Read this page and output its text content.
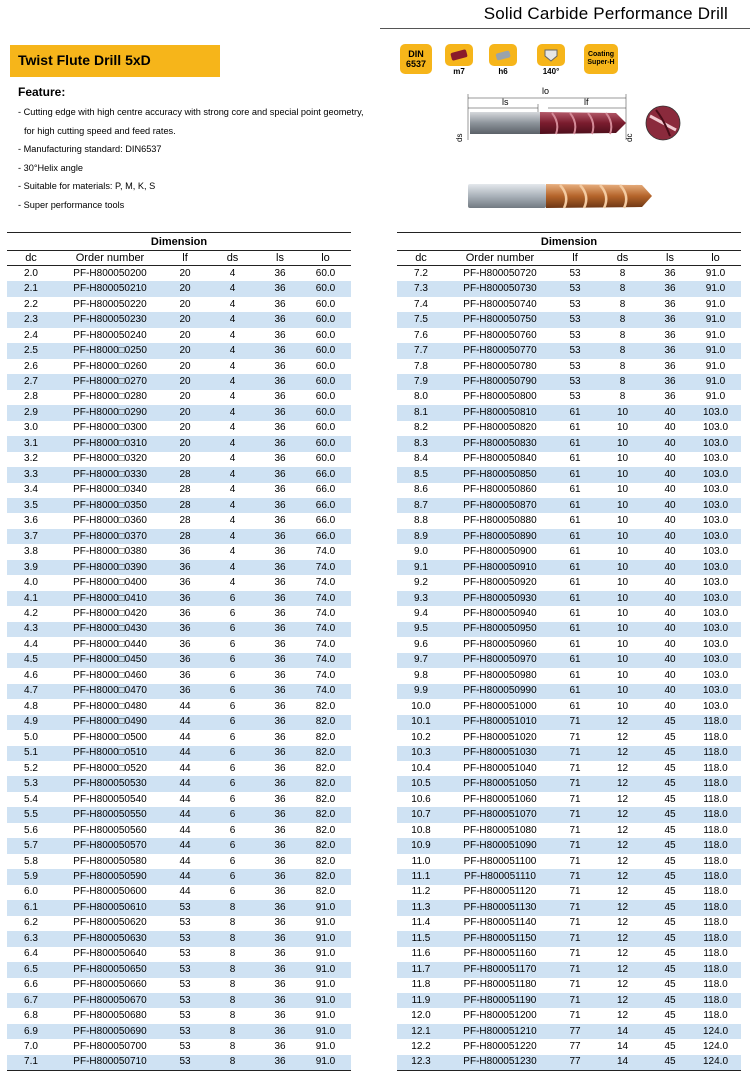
Solid Carbide Performance Drill
Twist Flute Drill 5xD	DIN
6537
m7	h6	140°
Coating
Super-H
Feature:
- Cutting edge with high centre accuracy with strong core and special point geometry,
for high cutting speed and feed rates.
- Manufacturing standard: DIN6537
- 30°Helix angle
- Suitable for materials: P, M, K, S
- Super performance tools
ls
lo
lf
ds	dc
Dimension					
dc	Order number	lf	ds	ls	lo
2.0	PF-H800050200	20	4	36	60.0
2.1	PF-H800050210	20	4	36	60.0
2.2	PF-H800050220	20	4	36	60.0
2.3	PF-H800050230	20	4	36	60.0
2.4	PF-H800050240	20	4	36	60.0
2.5	PF-H8000□0250	20	4	36	60.0
2.6	PF-H8000□0260	20	4	36	60.0
2.7	PF-H8000□0270	20	4	36	60.0
2.8	PF-H8000□0280	20	4	36	60.0
2.9	PF-H8000□0290	20	4	36	60.0
3.0	PF-H8000□0300	20	4	36	60.0
3.1	PF-H8000□0310	20	4	36	60.0
3.2	PF-H8000□0320	20	4	36	60.0
3.3	PF-H8000□0330	28	4	36	66.0
3.4	PF-H8000□0340	28	4	36	66.0
3.5	PF-H8000□0350	28	4	36	66.0
3.6	PF-H8000□0360	28	4	36	66.0
3.7	PF-H8000□0370	28	4	36	66.0
3.8	PF-H8000□0380	36	4	36	74.0
3.9	PF-H8000□0390	36	4	36	74.0
4.0	PF-H8000□0400	36	4	36	74.0
4.1	PF-H8000□0410	36	6	36	74.0
4.2	PF-H8000□0420	36	6	36	74.0
4.3	PF-H8000□0430	36	6	36	74.0
4.4	PF-H8000□0440	36	6	36	74.0
4.5	PF-H8000□0450	36	6	36	74.0
4.6	PF-H8000□0460	36	6	36	74.0
4.7	PF-H8000□0470	36	6	36	74.0
4.8	PF-H8000□0480	44	6	36	82.0
4.9	PF-H8000□0490	44	6	36	82.0
5.0	PF-H8000□0500	44	6	36	82.0
5.1	PF-H8000□0510	44	6	36	82.0
5.2	PF-H8000□0520	44	6	36	82.0
5.3	PF-H800050530	44	6	36	82.0
5.4	PF-H800050540	44	6	36	82.0
5.5	PF-H800050550	44	6	36	82.0
5.6	PF-H800050560	44	6	36	82.0
5.7	PF-H800050570	44	6	36	82.0
5.8	PF-H800050580	44	6	36	82.0
5.9	PF-H800050590	44	6	36	82.0
6.0	PF-H800050600	44	6	36	82.0
6.1	PF-H800050610	53	8	36	91.0
6.2	PF-H800050620	53	8	36	91.0
6.3	PF-H800050630	53	8	36	91.0
6.4	PF-H800050640	53	8	36	91.0
6.5	PF-H800050650	53	8	36	91.0
6.6	PF-H800050660	53	8	36	91.0
6.7	PF-H800050670	53	8	36	91.0
6.8	PF-H800050680	53	8	36	91.0
6.9	PF-H800050690	53	8	36	91.0
7.0	PF-H800050700	53	8	36	91.0
7.1	PF-H800050710	53	8	36	91.0
Dimension					
dc	Order number	lf	ds	ls	lo
7.2	PF-H800050720	53	8	36	91.0
7.3	PF-H800050730	53	8	36	91.0
7.4	PF-H800050740	53	8	36	91.0
7.5	PF-H800050750	53	8	36	91.0
7.6	PF-H800050760	53	8	36	91.0
7.7	PF-H800050770	53	8	36	91.0
7.8	PF-H800050780	53	8	36	91.0
7.9	PF-H800050790	53	8	36	91.0
8.0	PF-H800050800	53	8	36	91.0
8.1	PF-H800050810	61	10	40	103.0
8.2	PF-H800050820	61	10	40	103.0
8.3	PF-H800050830	61	10	40	103.0
8.4	PF-H800050840	61	10	40	103.0
8.5	PF-H800050850	61	10	40	103.0
8.6	PF-H800050860	61	10	40	103.0
8.7	PF-H800050870	61	10	40	103.0
8.8	PF-H800050880	61	10	40	103.0
8.9	PF-H800050890	61	10	40	103.0
9.0	PF-H800050900	61	10	40	103.0
9.1	PF-H800050910	61	10	40	103.0
9.2	PF-H800050920	61	10	40	103.0
9.3	PF-H800050930	61	10	40	103.0
9.4	PF-H800050940	61	10	40	103.0
9.5	PF-H800050950	61	10	40	103.0
9.6	PF-H800050960	61	10	40	103.0
9.7	PF-H800050970	61	10	40	103.0
9.8	PF-H800050980	61	10	40	103.0
9.9	PF-H800050990	61	10	40	103.0
10.0	PF-H800051000	61	10	40	103.0
10.1	PF-H800051010	71	12	45	118.0
10.2	PF-H800051020	71	12	45	118.0
10.3	PF-H800051030	71	12	45	118.0
10.4	PF-H800051040	71	12	45	118.0
10.5	PF-H800051050	71	12	45	118.0
10.6	PF-H800051060	71	12	45	118.0
10.7	PF-H800051070	71	12	45	118.0
10.8	PF-H800051080	71	12	45	118.0
10.9	PF-H800051090	71	12	45	118.0
11.0	PF-H800051100	71	12	45	118.0
11.1	PF-H800051110	71	12	45	118.0
11.2	PF-H800051120	71	12	45	118.0
11.3	PF-H800051130	71	12	45	118.0
11.4	PF-H800051140	71	12	45	118.0
11.5	PF-H800051150	71	12	45	118.0
11.6	PF-H800051160	71	12	45	118.0
11.7	PF-H800051170	71	12	45	118.0
11.8	PF-H800051180	71	12	45	118.0
11.9	PF-H800051190	71	12	45	118.0
12.0	PF-H800051200	71	12	45	118.0
12.1	PF-H800051210	77	14	45	124.0
12.2	PF-H800051220	77	14	45	124.0
12.3	PF-H800051230	77	14	45	124.0
